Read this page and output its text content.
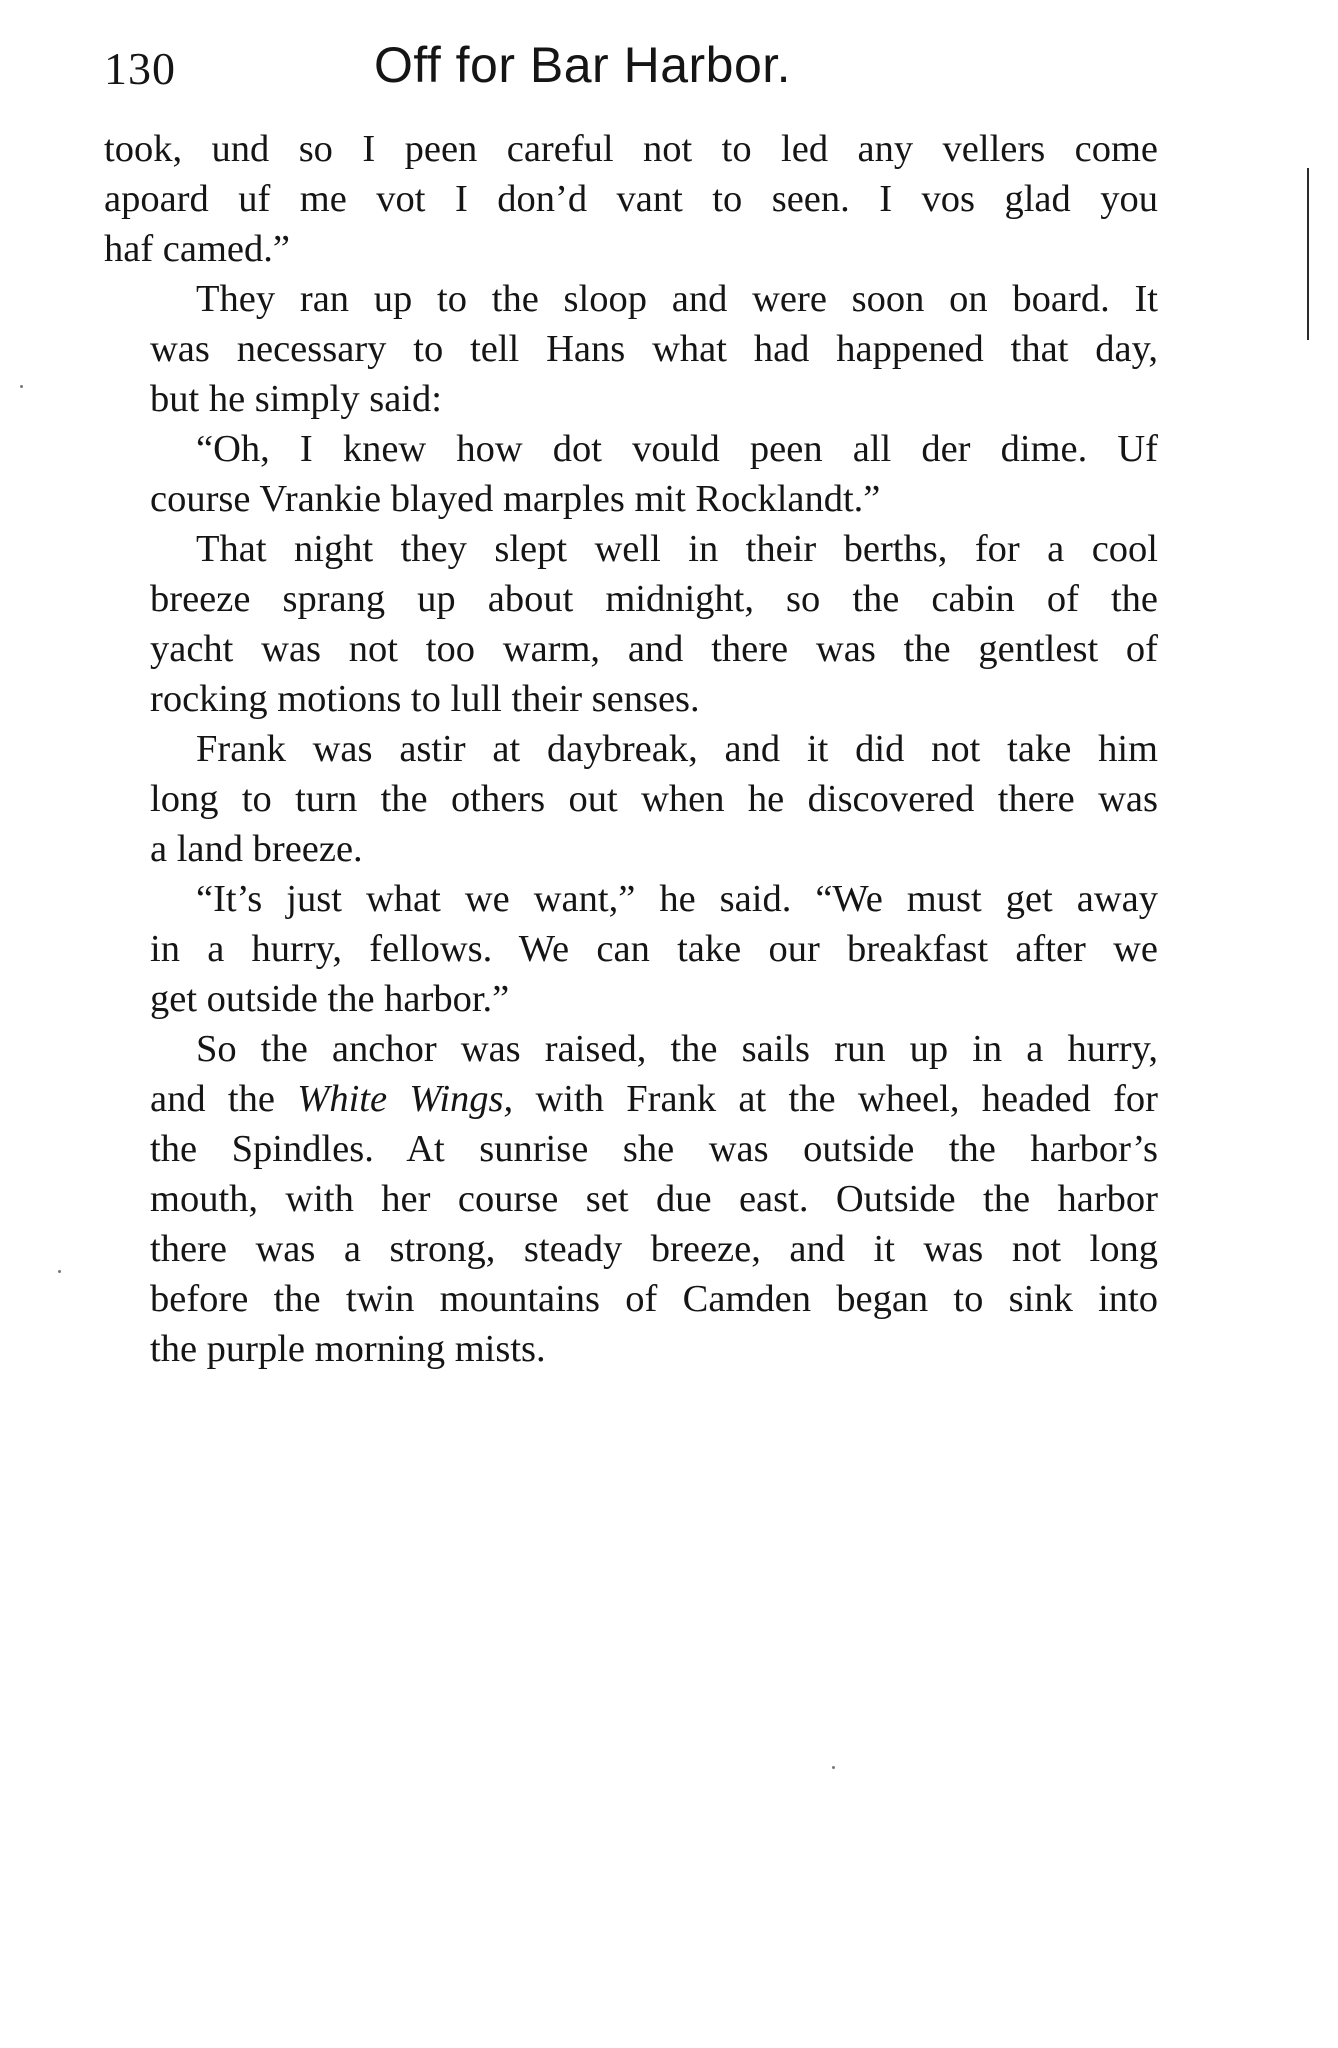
130	Off for Bar Harbor.

took, und so I peen careful not to led any vellers come
apoard uf me vot I don’d vant to seen. I vos glad you
haf camed.”

They ran up to the sloop and were soon on board. It
was necessary to tell Hans what had happened that day,
but he simply said:

“Oh, I knew how dot vould peen all der dime. Uf
course Vrankie blayed marples mit Rocklandt.”

That night they slept well in their berths, for a cool
breeze sprang up about midnight, so the cabin of the
yacht was not too warm, and there was the gentlest of
rocking motions to lull their senses.

Frank was astir at daybreak, and it did not take him
long to turn the others out when he discovered there was
a land breeze.

“It’s just what we want,” he said. “We must get away
in a hurry, fellows. We can take our breakfast after we
get outside the harbor.”

So the anchor was raised, the sails run up in a hurry,
and the White Wings, with Frank at the wheel, headed for
the Spindles. At sunrise she was outside the harbor’s
mouth, with her course set due east. Outside the harbor
there was a strong, steady breeze, and it was not long
before the twin mountains of Camden began to sink into
the purple morning mists.
